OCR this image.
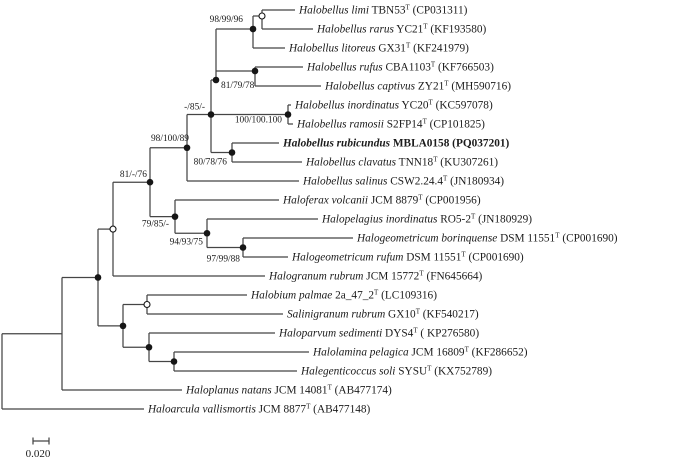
Halobellus limi $TBN53^T$ (CP031311)
Halobellus rarus $YC21^T$ (KF193580)
Halobellus litoreus $GX31^T$ (KF241979)
98/99/96
Halobellus rufus $CBA1103^T$ (KF766503)
Halobellus captivus $ZY21^T$ (MH590716)
81/79/78
Halobellus inordinatus $YC20^T$ (KC597078)
Halobellus ramosii $S2FP14^T$ (CP101825)
100/100.100
Halobellus rubicundus MBLA0158 (PQ037201)
Halobellus clavatus $TNN18^T$ (KU307261)
80/78/76
-/85/-
Halobellus salinus $CSW2.24.4^T$ (JN180934)
98/100/89
Haloferax volcanii JCM $8879^T$ (CP001956)
Halopelagius inordinatus $RO5-2^T$ (JN180929)
Halogeometricum borinquense DSM $11551^T$ (CP001690)
Halogeometricum rufum DSM $11551^T$ (CP001690)
97/99/88
94/93/75
79/85/-
81/-/76
Halogranum rubrum JCM $15772^T$ (FN645664)
Halobium palmae $2a\_47\_2^T$ (LC109316)
Salinigranum rubrum $GX10^T$ (KF540217)
Haloparvum sedimenti $DYS4^T$ ( KP276580)
Halolamina pelagica JCM $16809^T$ (KF286652)
Halegenticoccus soli $SYSU^T$ (KX752789)
Haloplanus natans JCM $14081^T$ (AB477174)
Haloarcula vallismortis JCM $8877^T$ (AB477148)
0.020
